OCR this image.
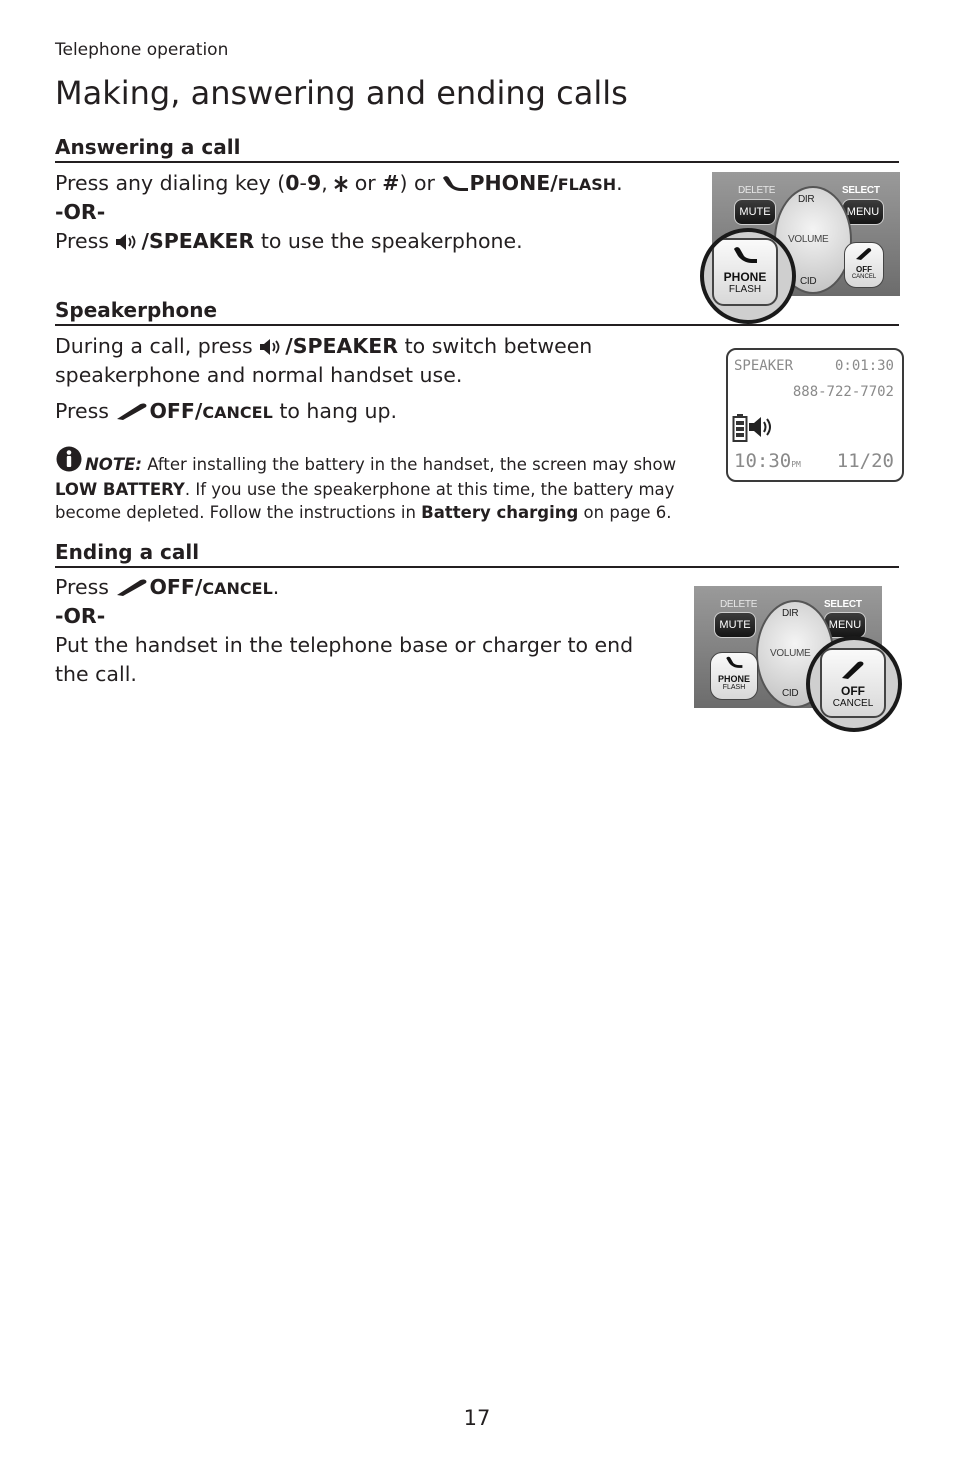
Telephone operation
Making, answering and ending calls
Answering a call
Press any dialing key (0-9,  or #) or PHONE/FLASH.
-OR-
Press /SPEAKER to use the speakerphone.
DELETE
MUTE
SELECT
MENU
DIR
VOLUME
CID
OFF
CANCEL
PHONE
FLASH
Speakerphone
During a call, press /SPEAKER to switch between
speakerphone and normal handset use.
Press OFF/CANCEL to hang up.
NOTE: After installing the battery in the handset, the screen may show
LOW BATTERY. If you use the speakerphone at this time, the battery may
become depleted. Follow the instructions in Battery charging on page 6.
SPEAKER	0:01:30
888-722-7702
10:30PM 11/20
Ending a call
Press OFF/CANCEL.
-OR-
Put the handset in the telephone base or charger to end
the call.
DELETE
MUTE
SELECT
MENU
DIR
VOLUME
CID
PHONE
FLASH	OFF
CANCEL
17
